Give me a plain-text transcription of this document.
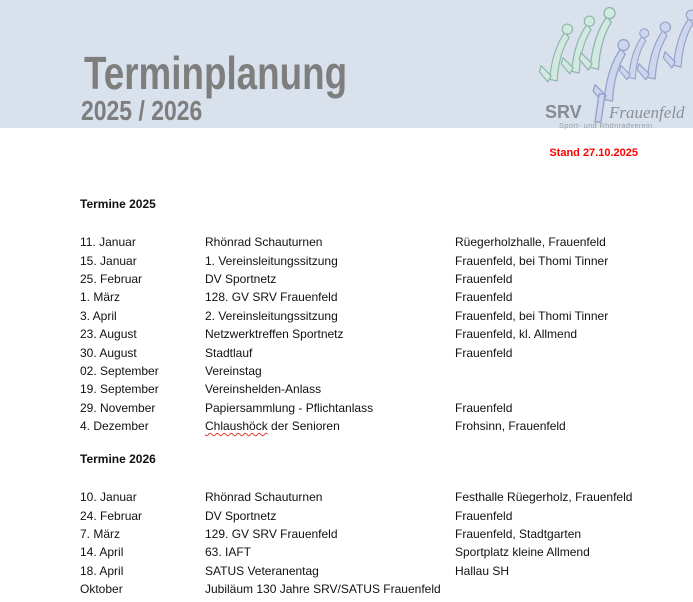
Terminplanung
2025 / 2026	SRV Frauenfeld
Sport- und Rhönradverein
Stand 27.10.2025
Termine 2025
11. Januar	Rhönrad Schauturnen	Rüegerholzhalle, Frauenfeld
15. Januar	1. Vereinsleitungssitzung	Frauenfeld, bei Thomi Tinner
25. Februar	DV Sportnetz	Frauenfeld
1. März	128. GV SRV Frauenfeld	Frauenfeld
3. April	2. Vereinsleitungssitzung	Frauenfeld, bei Thomi Tinner
23. August	Netzwerktreffen Sportnetz	Frauenfeld, kl. Allmend
30. August	Stadtlauf	Frauenfeld
02. September	Vereinstag
19. September	Vereinshelden-Anlass
29. November	Papiersammlung - Pflichtanlass	Frauenfeld
4. Dezember	Chlaushöck der Senioren	Frohsinn, Frauenfeld
Termine 2026
10. Januar	Rhönrad Schauturnen	Festhalle Rüegerholz, Frauenfeld
24. Februar	DV Sportnetz	Frauenfeld
7. März	129. GV SRV Frauenfeld	Frauenfeld, Stadtgarten
14. April	63. IAFT	Sportplatz kleine Allmend
18. April	SATUS Veteranentag	Hallau SH
Oktober	Jubiläum 130 Jahre SRV/SATUS Frauenfeld
